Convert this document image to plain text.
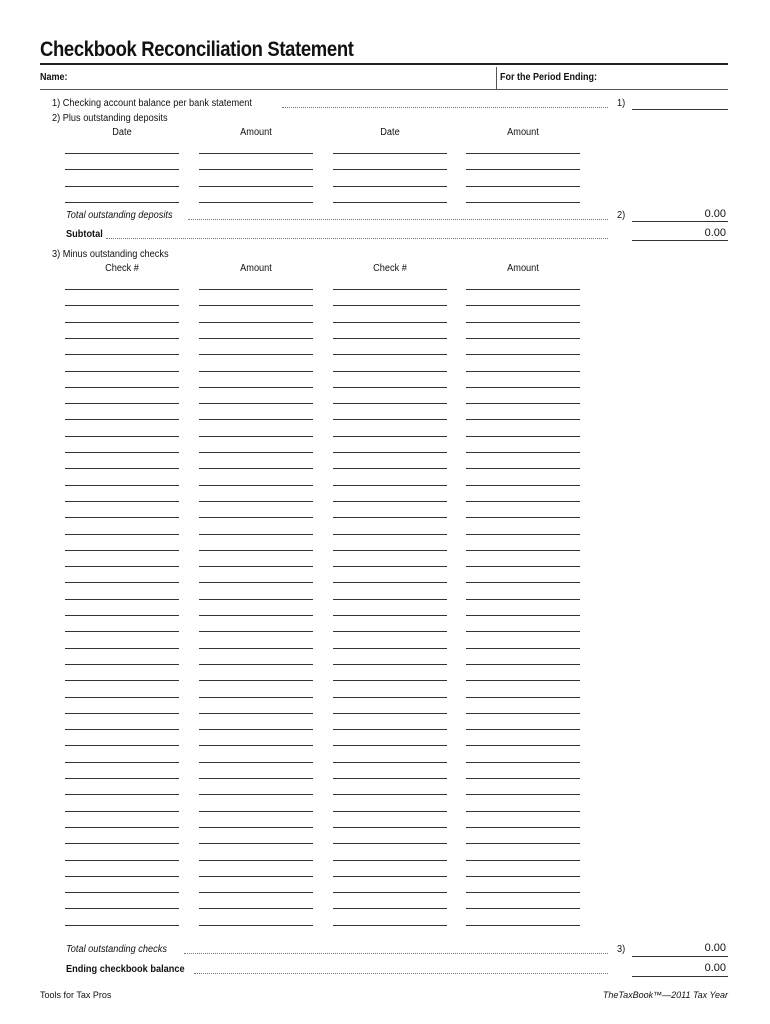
Checkbook Reconciliation Statement
Name:	For the Period Ending:
1) Checking account balance per bank statement	1)
2) Plus outstanding deposits
Date	Amount	Date	Amount
Total outstanding deposits	2)	0.00
Subtotal	0.00
3) Minus outstanding checks
Check #	Amount	Check #	Amount
Total outstanding checks	3)	0.00
Ending checkbook balance	0.00
Tools for Tax Pros	TheTaxBook™—2011 Tax Year
